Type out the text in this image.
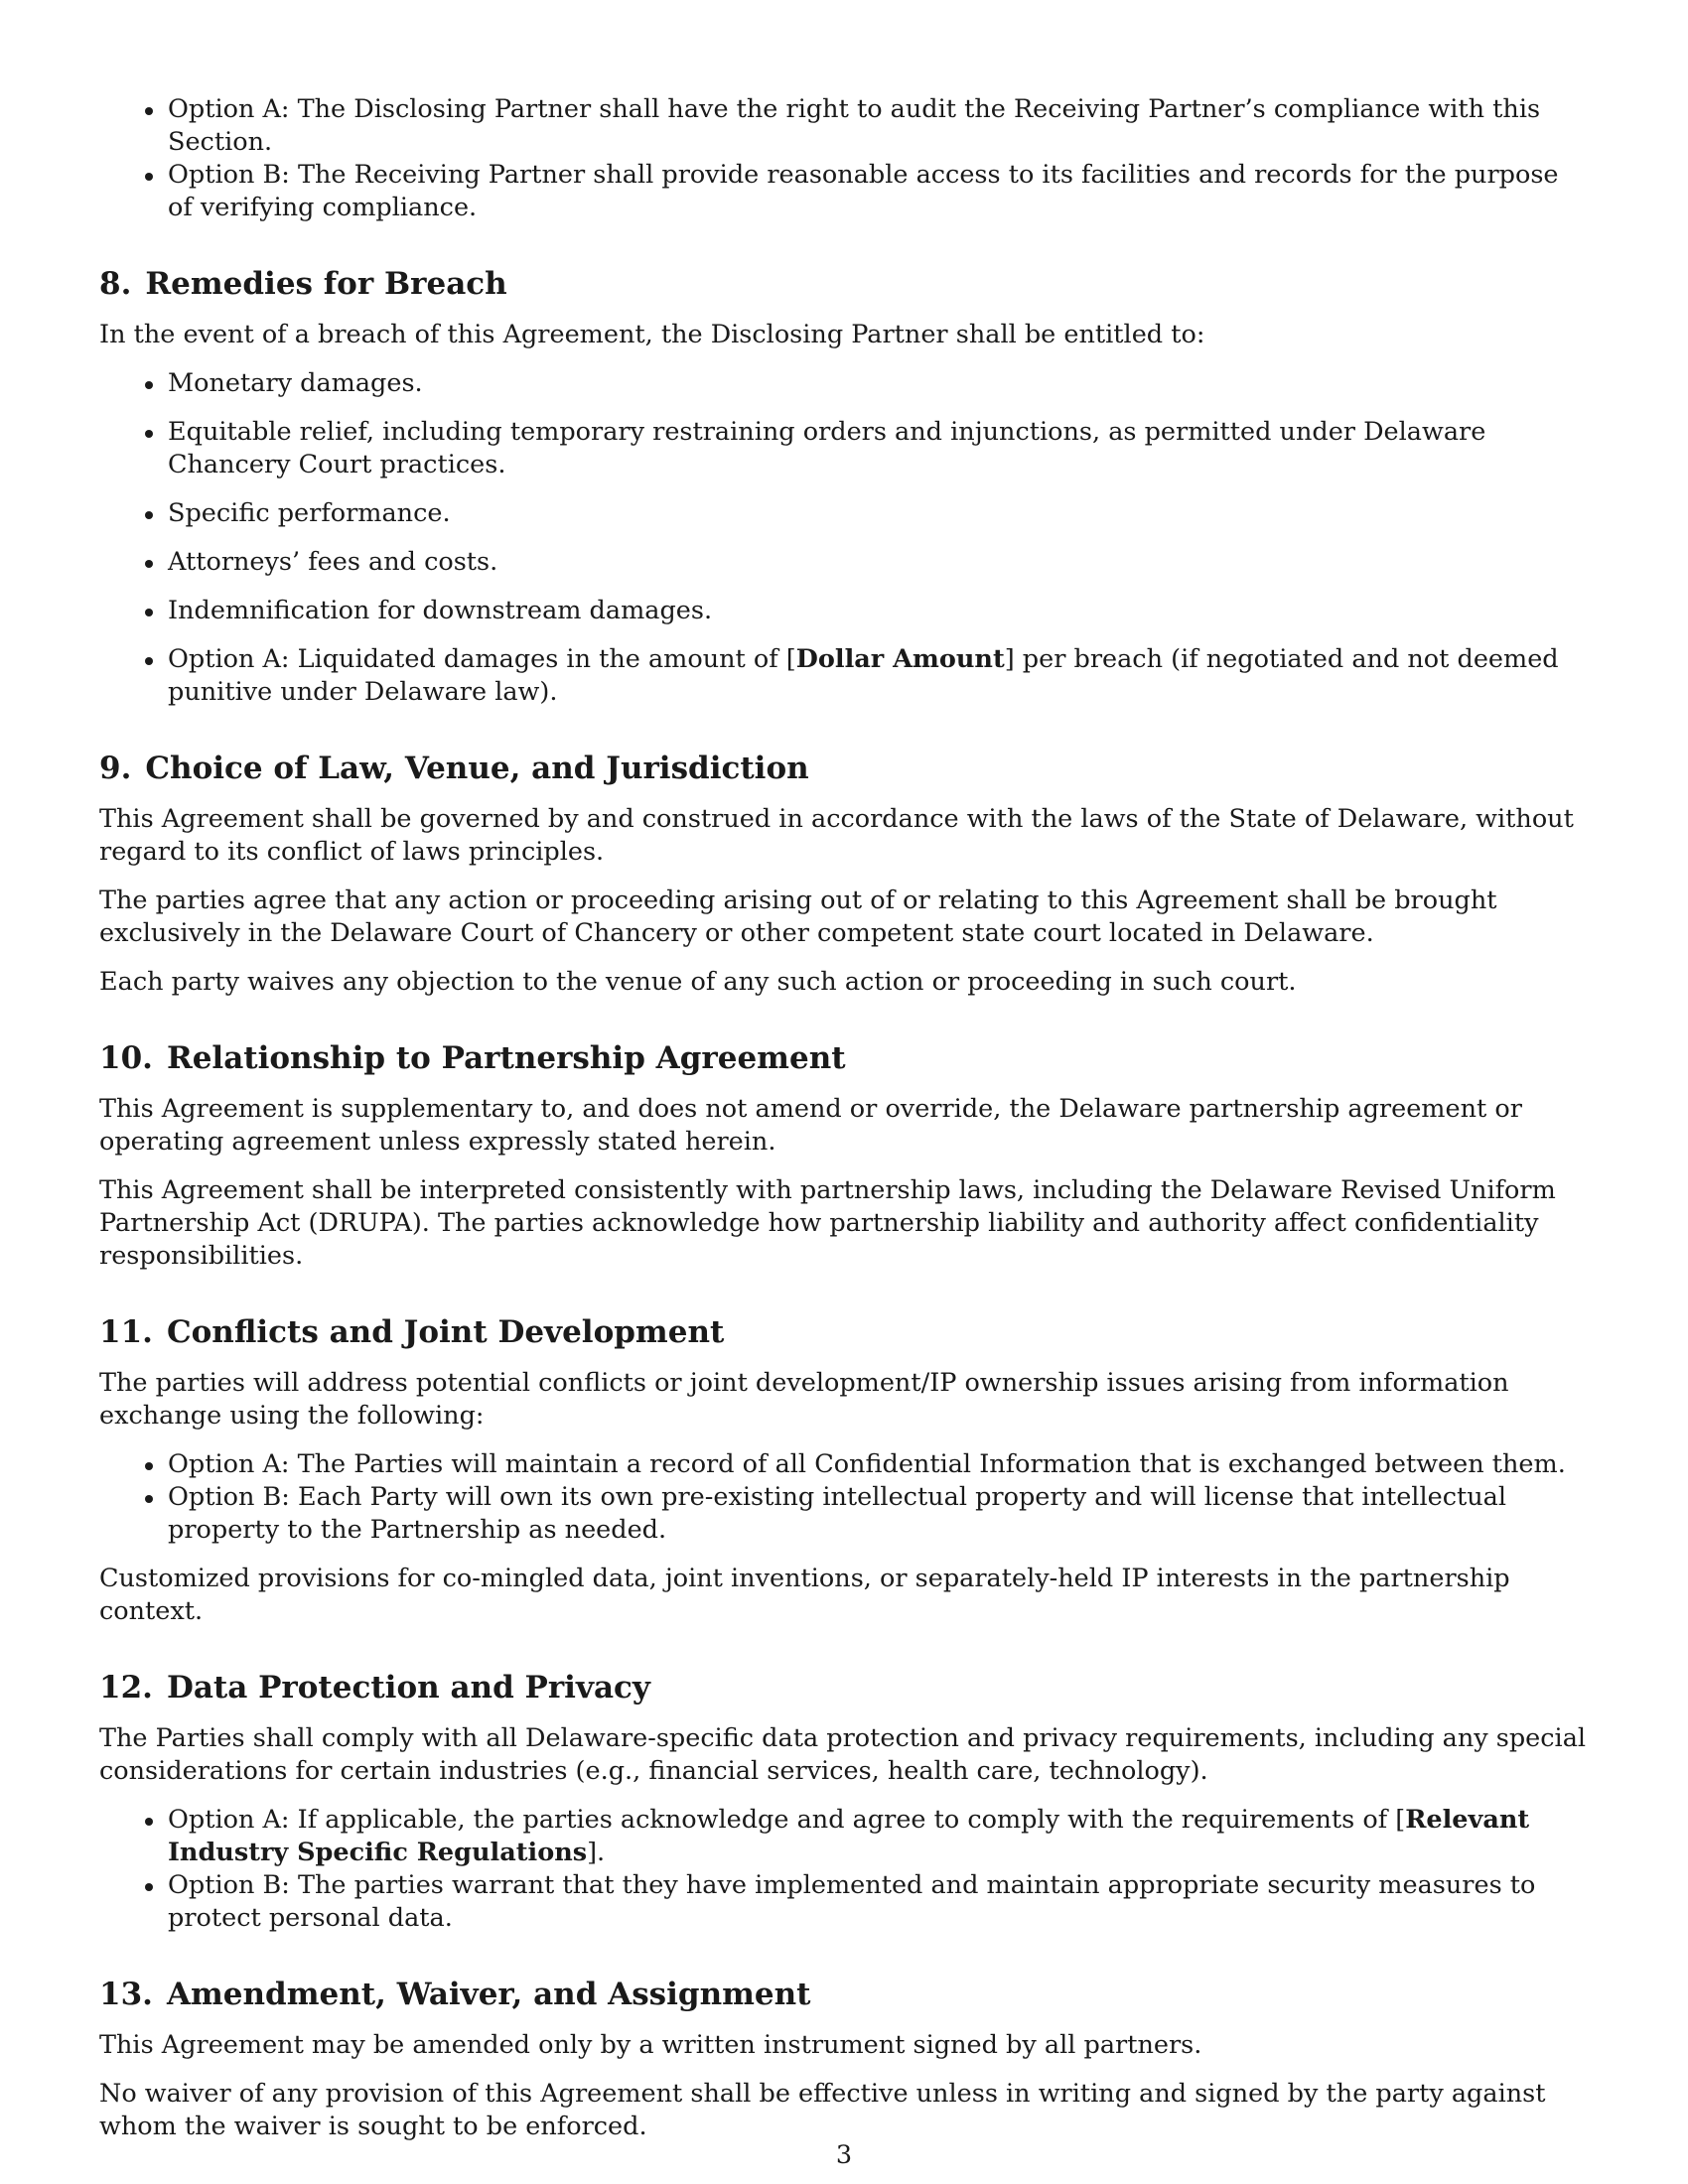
Option A: The Disclosing Partner shall have the right to audit the Receiving Partner’s compliance with this Section.
Option B: The Receiving Partner shall provide reasonable access to its facilities and records for the purpose of verifying compliance.
8. Remedies for Breach

In the event of a breach of this Agreement, the Disclosing Partner shall be entitled to:

Monetary damages.
Equitable relief, including temporary restraining orders and injunctions, as permitted under Delaware Chancery Court practices.
Specific performance.
Attorneys’ fees and costs.
Indemnification for downstream damages.
Option A: Liquidated damages in the amount of [Dollar Amount] per breach (if negotiated and not deemed punitive under Delaware law).
9. Choice of Law, Venue, and Jurisdiction

This Agreement shall be governed by and construed in accordance with the laws of the State of Delaware, without regard to its conflict of laws principles.

The parties agree that any action or proceeding arising out of or relating to this Agreement shall be brought exclusively in the Delaware Court of Chancery or other competent state court located in Delaware.

Each party waives any objection to the venue of any such action or proceeding in such court.

10. Relationship to Partnership Agreement

This Agreement is supplementary to, and does not amend or override, the Delaware partnership agreement or operating agreement unless expressly stated herein.

This Agreement shall be interpreted consistently with partnership laws, including the Delaware Revised Uniform Partnership Act (DRUPA). The parties acknowledge how partnership liability and authority affect confidentiality responsibilities.

11. Conflicts and Joint Development

The parties will address potential conflicts or joint development/IP ownership issues arising from information exchange using the following:

Option A: The Parties will maintain a record of all Confidential Information that is exchanged between them.
Option B: Each Party will own its own pre-existing intellectual property and will license that intellectual property to the Partnership as needed.

Customized provisions for co-mingled data, joint inventions, or separately-held IP interests in the partnership context.

12. Data Protection and Privacy

The Parties shall comply with all Delaware-specific data protection and privacy requirements, including any special considerations for certain industries (e.g., financial services, health care, technology).

Option A: If applicable, the parties acknowledge and agree to comply with the requirements of [Relevant Industry Specific Regulations].
Option B: The parties warrant that they have implemented and maintain appropriate security measures to protect personal data.
13. Amendment, Waiver, and Assignment

This Agreement may be amended only by a written instrument signed by all partners.

No waiver of any provision of this Agreement shall be effective unless in writing and signed by the party against whom the waiver is sought to be enforced.

3
